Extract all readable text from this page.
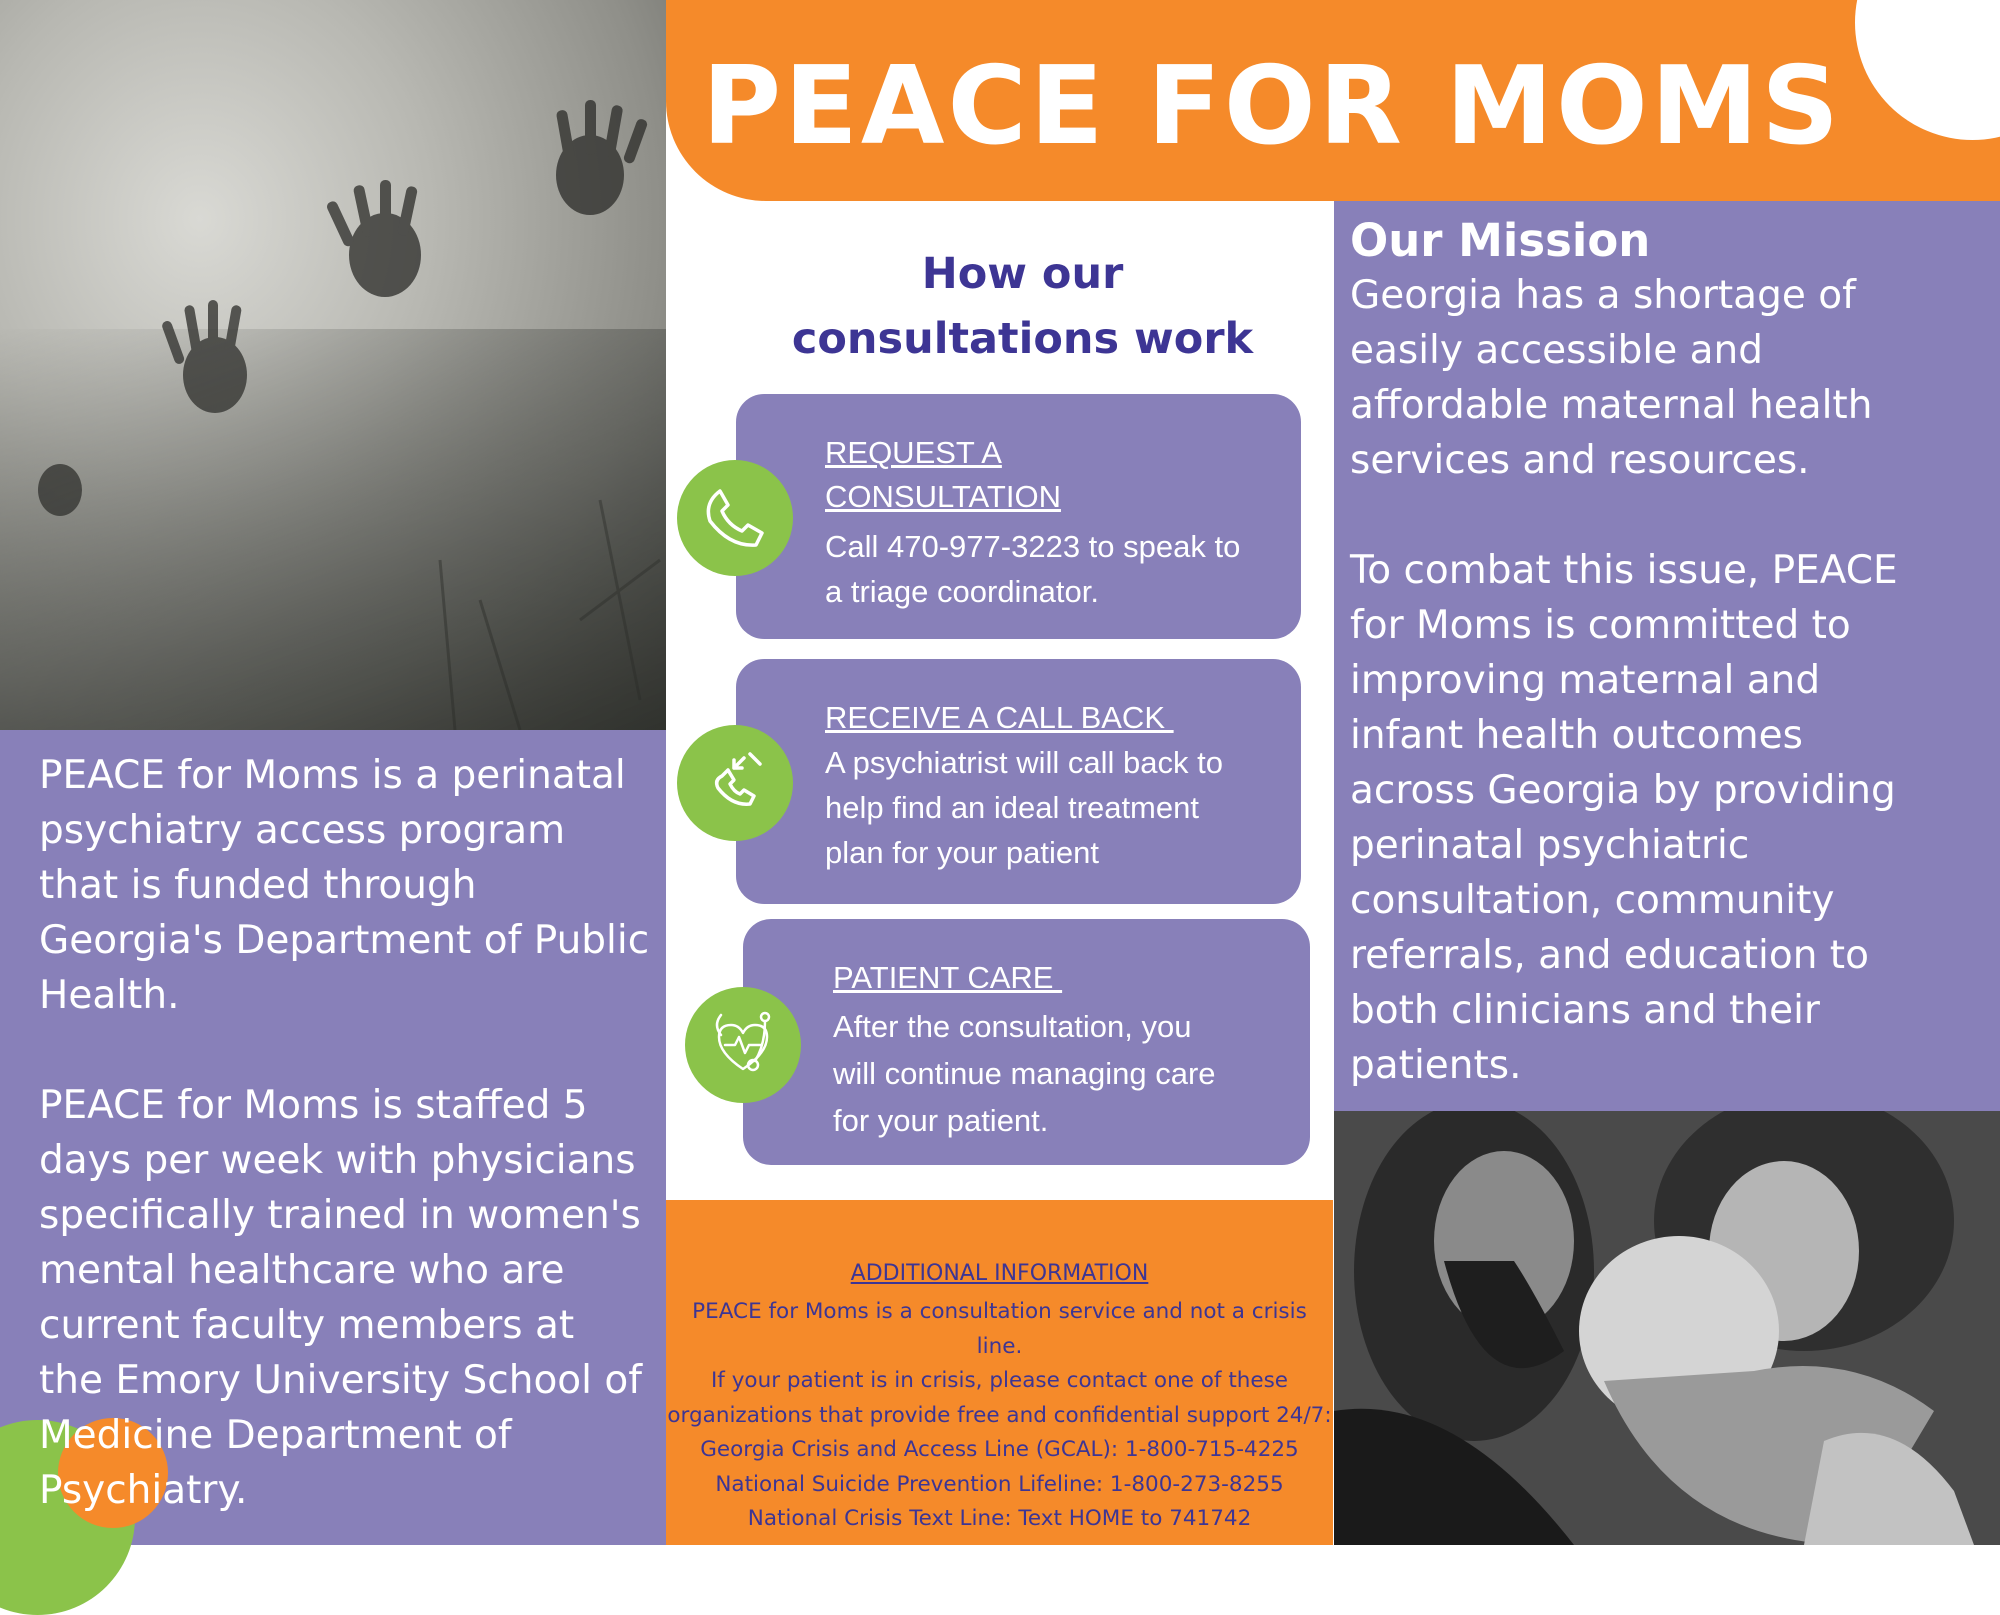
PEACE for Moms is a perinatal
psychiatry access program
that is funded through
Georgia's Department of Public
Health.

PEACE for Moms is staffed 5
days per week with physicians
specifically trained in women's
mental healthcare who are
current faculty members at
the Emory University School of
Medicine Department of
Psychiatry.
PEACE FOR MOMS
How our
consultations work
REQUEST A
CONSULTATION
Call 470-977-3223 to speak to
a triage coordinator.
RECEIVE A CALL BACK
A psychiatrist will call back to
help find an ideal treatment
plan for your patient
PATIENT CARE
After the consultation, you
will continue managing care
for your patient.
ADDITIONAL INFORMATION
PEACE for Moms is a consultation service and not a crisis line.
If your patient is in crisis, please contact one of these
organizations that provide free and confidential support 24/7:
Georgia Crisis and Access Line (GCAL): 1-800-715-4225
National Suicide Prevention Lifeline: 1-800-273-8255
National Crisis Text Line: Text HOME to 741742
Our Mission
Georgia has a shortage of
easily accessible and
affordable maternal health
services and resources.

To combat this issue, PEACE
for Moms is committed to
improving maternal and
infant health outcomes
across Georgia by providing
perinatal psychiatric
consultation, community
referrals, and education to
both clinicians and their
patients.
